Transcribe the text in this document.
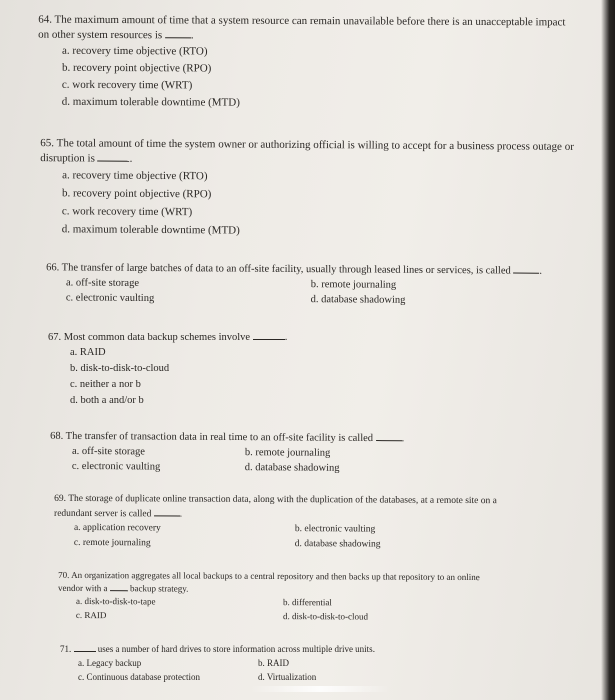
64. The maximum amount of time that a system resource can remain unavailable before there is an unacceptable impact
on other system resources is	.
a. recovery time objective (RTO)
b. recovery point objective (RPO)
c. work recovery time (WRT)
d. maximum tolerable downtime (MTD)
65. The total amount of time the system owner or authorizing official is willing to accept for a business process outage or
disruption is	.
a. recovery time objective (RTO)
b. recovery point objective (RPO)
c. work recovery time (WRT)
d. maximum tolerable downtime (MTD)
66. The transfer of large batches of data to an off-site facility, usually through leased lines or services, is called	.
a. off-site storage	b. remote journaling
c. electronic vaulting	d. database shadowing
67. Most common data backup schemes involve	.
a. RAID
b. disk-to-disk-to-cloud
c. neither a nor b
d. both a and/or b
68. The transfer of transaction data in real time to an off-site facility is called	.
a. off-site storage	b. remote journaling
c. electronic vaulting	d. database shadowing
69. The storage of duplicate online transaction data, along with the duplication of the databases, at a remote site on a
redundant server is called	.
a. application recovery	b. electronic vaulting
c. remote journaling	d. database shadowing
70. An organization aggregates all local backups to a central repository and then backs up that repository to an online
vendor with a backup strategy.
a. disk-to-disk-to-tape	b. differential
c. RAID	d. disk-to-disk-to-cloud
71.	uses a number of hard drives to store information across multiple drive units.
a. Legacy backup	b. RAID
c. Continuous database protection	d. Virtualization
